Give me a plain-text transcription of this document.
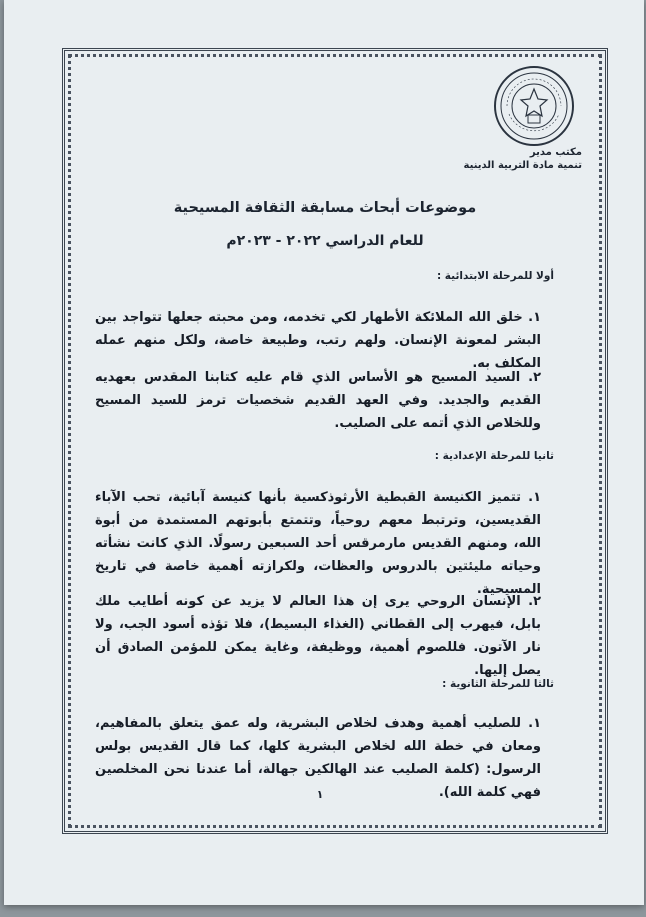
مكتب مدير
تنمية مادة التربية الدينية
موضوعات أبحاث مسابقة الثقافة المسيحية
للعام الدراسي ٢٠٢٢ - ٢٠٢٣م
أولا للمرحلة الابتدائية :
١. خلق الله الملائكة الأطهار لكي تخدمه، ومن محبته جعلها تتواجد بين البشر لمعونة الإنسان. ولهم رتب، وطبيعة خاصة، ولكل منهم عمله المكلف به.
٢. السيد المسيح هو الأساس الذي قام عليه كتابنا المقدس بعهديه القديم والجديد. وفي العهد القديم شخصيات ترمز للسيد المسيح وللخلاص الذي أتمه على الصليب.
ثانيا للمرحلة الإعدادية :
١. تتميز الكنيسة القبطية الأرثوذكسية بأنها كنيسة آبائية، تحب الآباء القديسين، وترتبط معهم روحياً، وتتمتع بأبوتهم المستمدة من أبوة الله، ومنهم القديس مارمرقس أحد السبعين رسولًا. الذي كانت نشأته وحياته مليئتين بالدروس والعظات، ولكرازته أهمية خاصة في تاريخ المسيحية.
٢. الإنسان الروحي يرى إن هذا العالم لا يزيد عن كونه أطايب ملك بابل، فيهرب إلى القطاني (الغذاء البسيط)، فلا تؤذه أسود الجب، ولا نار الآتون. فللصوم أهمية، ووظيفة، وغاية يمكن للمؤمن الصادق أن يصل إليها.
ثالثا للمرحلة الثانوية :
١. للصليب أهمية وهدف لخلاص البشرية، وله عمق يتعلق بالمفاهيم، ومعان في خطة الله لخلاص البشرية كلها، كما قال القديس بولس الرسول: (كلمة الصليب عند الهالكين جهالة، أما عندنا نحن المخلصين فهي كلمة الله).
١
